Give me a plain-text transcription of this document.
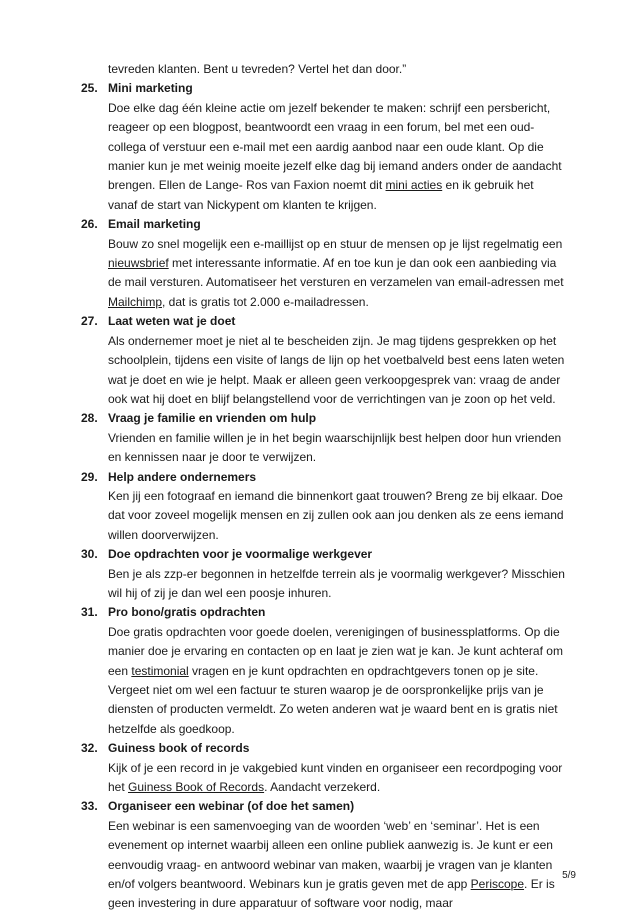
tevreden klanten. Bent u tevreden? Vertel het dan door.”
25. Mini marketing

Doe elke dag één kleine actie om jezelf bekender te maken: schrijf een persbericht, reageer op een blogpost, beantwoordt een vraag in een forum, bel met een oud-collega of verstuur een e-mail met een aardig aanbod naar een oude klant. Op die manier kun je met weinig moeite jezelf elke dag bij iemand anders onder de aandacht brengen. Ellen de Lange- Ros van Faxion noemt dit mini acties en ik gebruik het vanaf de start van Nickypent om klanten te krijgen.

26. Email marketing

Bouw zo snel mogelijk een e-maillijst op en stuur de mensen op je lijst regelmatig een nieuwsbrief met interessante informatie. Af en toe kun je dan ook een aanbieding via de mail versturen. Automatiseer het versturen en verzamelen van email-adressen met Mailchimp, dat is gratis tot 2.000 e-mailadressen.

27. Laat weten wat je doet

Als ondernemer moet je niet al te bescheiden zijn. Je mag tijdens gesprekken op het schoolplein, tijdens een visite of langs de lijn op het voetbalveld best eens laten weten wat je doet en wie je helpt. Maak er alleen geen verkoopgesprek van: vraag de ander ook wat hij doet en blijf belangstellend voor de verrichtingen van je zoon op het veld.

28. Vraag je familie en vrienden om hulp

Vrienden en familie willen je in het begin waarschijnlijk best helpen door hun vrienden en kennissen naar je door te verwijzen.

29. Help andere ondernemers

Ken jij een fotograaf en iemand die binnenkort gaat trouwen? Breng ze bij elkaar. Doe dat voor zoveel mogelijk mensen en zij zullen ook aan jou denken als ze eens iemand willen doorverwijzen.

30. Doe opdrachten voor je voormalige werkgever

Ben je als zzp-er begonnen in hetzelfde terrein als je voormalig werkgever? Misschien wil hij of zij je dan wel een poosje inhuren.

31. Pro bono/gratis opdrachten

Doe gratis opdrachten voor goede doelen, verenigingen of businessplatforms. Op die manier doe je ervaring en contacten op en laat je zien wat je kan. Je kunt achteraf om een testimonial vragen en je kunt opdrachten en opdrachtgevers tonen op je site. Vergeet niet om wel een factuur te sturen waarop je de oorspronkelijke prijs van je diensten of producten vermeldt. Zo weten anderen wat je waard bent en is gratis niet hetzelfde als goedkoop.

32. Guiness book of records

Kijk of je een record in je vakgebied kunt vinden en organiseer een recordpoging voor het Guiness Book of Records. Aandacht verzekerd.

33. Organiseer een webinar (of doe het samen)

Een webinar is een samenvoeging van de woorden ‘web’ en ‘seminar’. Het is een evenement op internet waarbij alleen een online publiek aanwezig is. Je kunt er een eenvoudig vraag- en antwoord webinar van maken, waarbij je vragen van je klanten en/of volgers beantwoord. Webinars kun je gratis geven met de app Periscope. Er is geen investering in dure apparatuur of software voor nodig, maar

5/9
